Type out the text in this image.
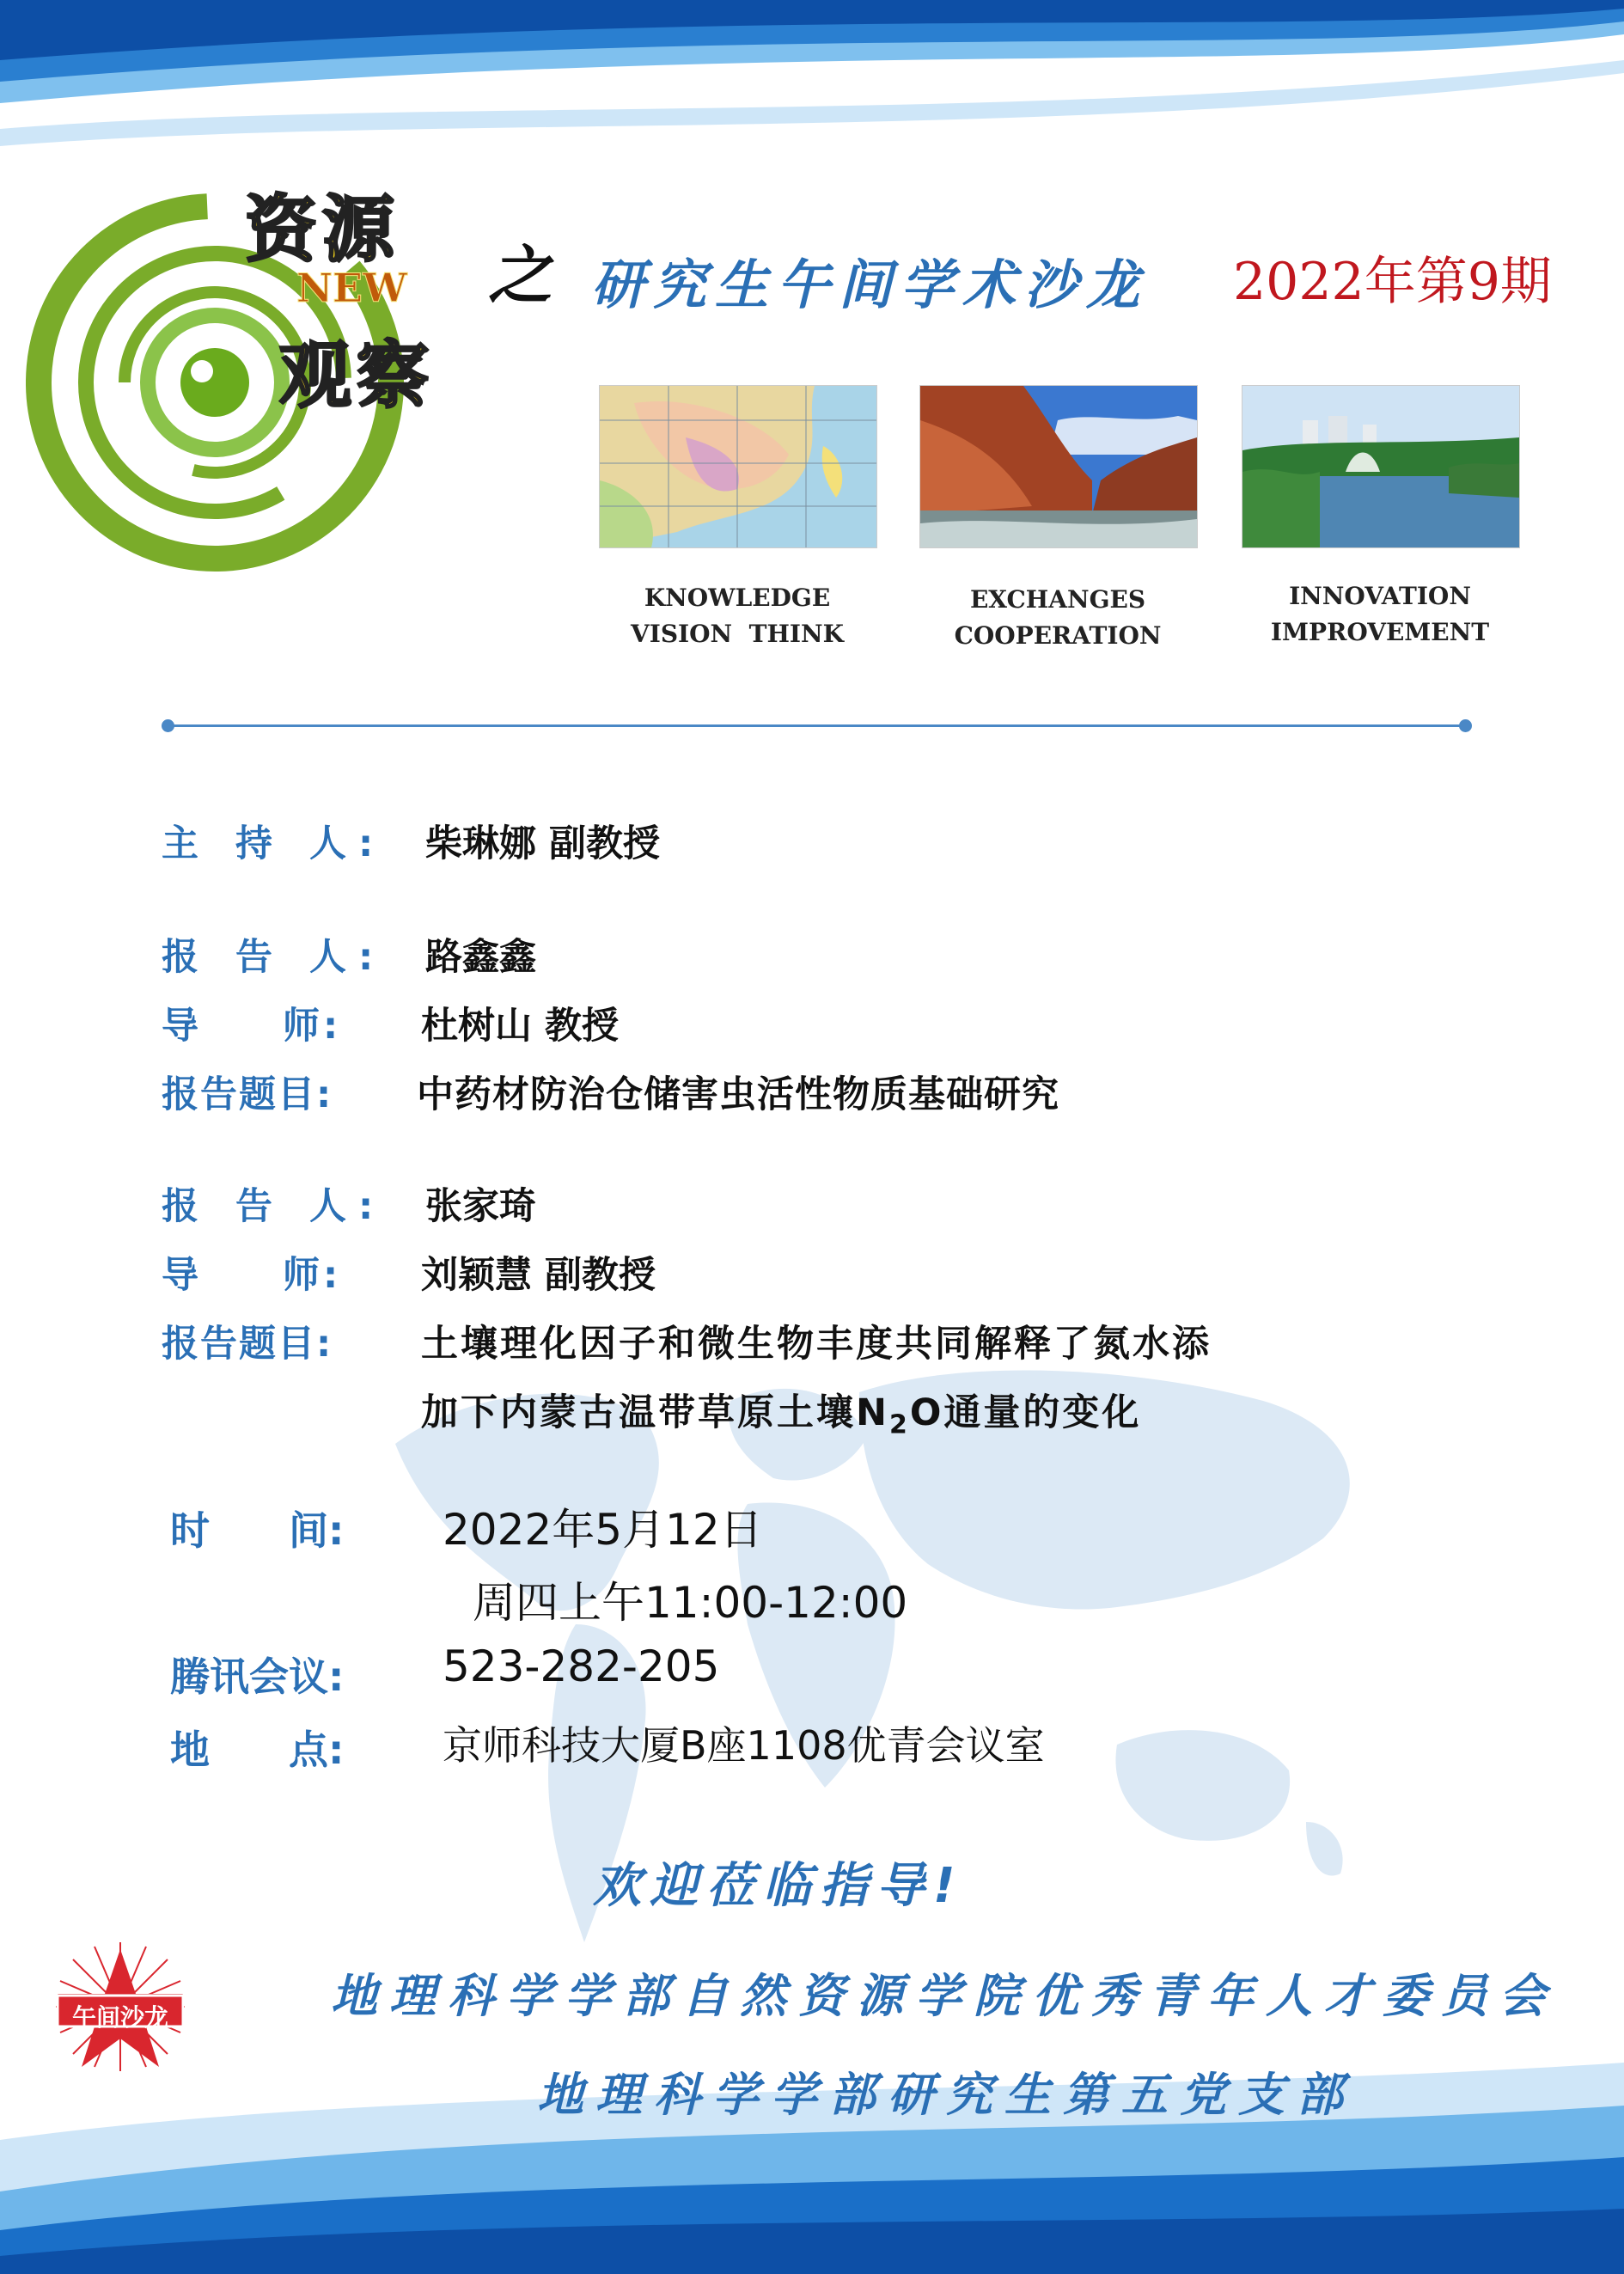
资源
NEW
观察
之 研究生午间学术沙龙 2022年第9期
KNOWLEDGE
VISION  THINK
EXCHANGES
COOPERATION
INNOVATION
IMPROVEMENT
主 持 人: 柴琳娜 副教授
报 告 人: 路鑫鑫
导　　师: 杜树山 教授
报告题目: 中药材防治仓储害虫活性物质基础研究
报 告 人: 张家琦
导　　师: 刘颖慧 副教授
报告题目: 土壤理化因子和微生物丰度共同解释了氮水添
加下内蒙古温带草原土壤$N_2O$通量的变化
时　　间: 2022年5月12日
周四上午11:00-12:00
腾讯会议: 523-282-205
地　　点: 京师科技大厦B座1108优青会议室
欢迎莅临指导!
午间沙龙	地理科学学部自然资源学院优秀青年人才委员会
地理科学学部研究生第五党支部
